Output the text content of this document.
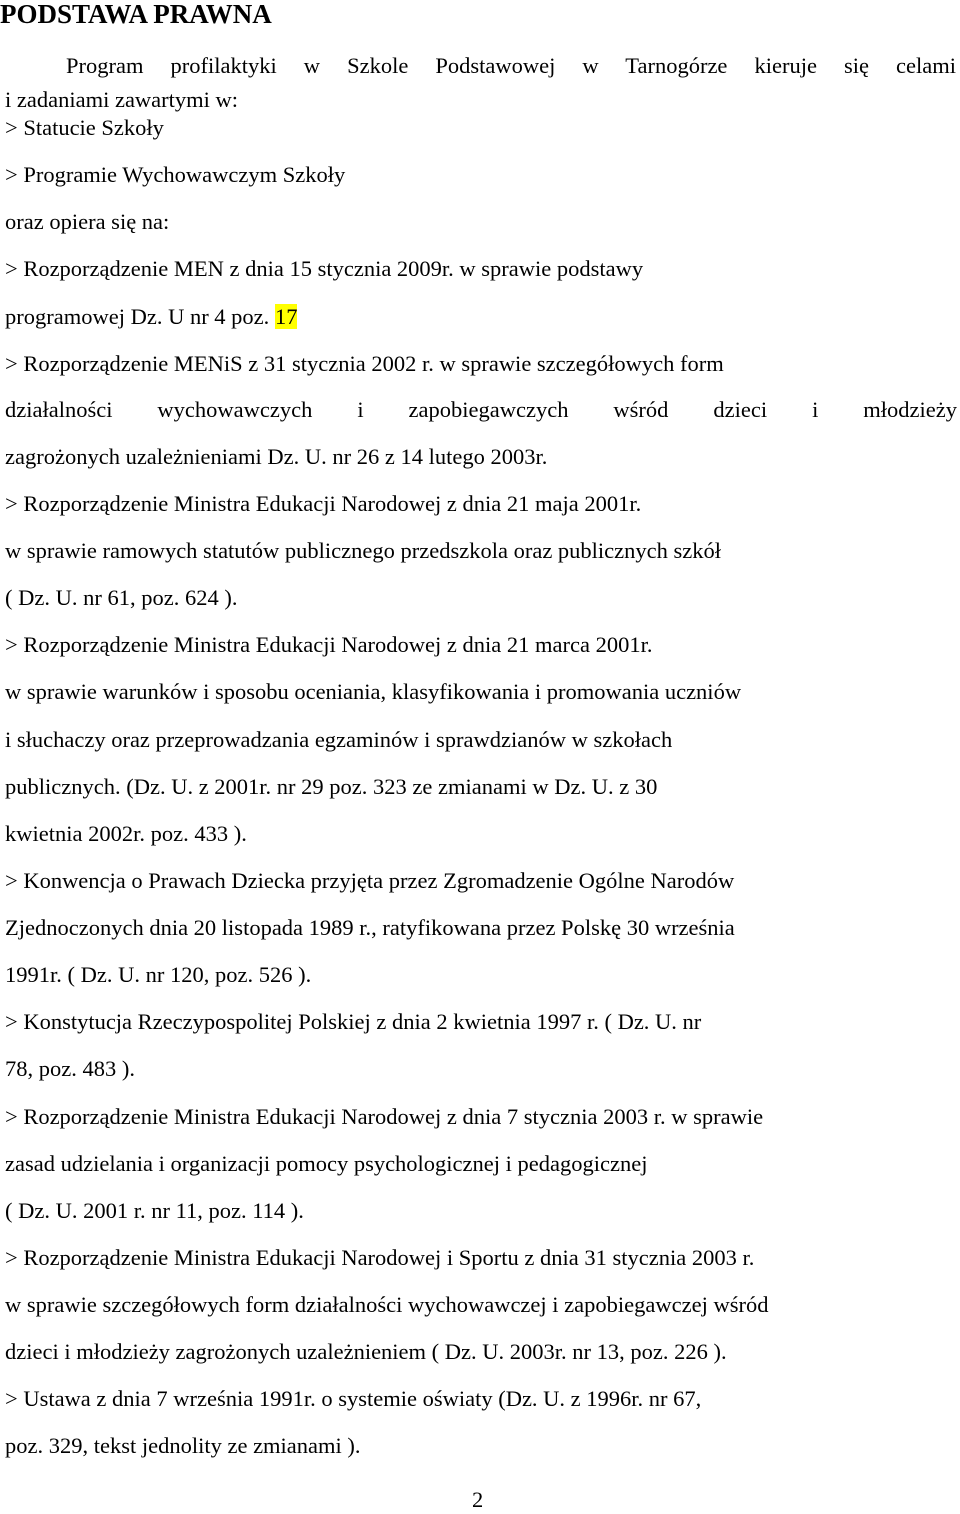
PODSTAWA PRAWNA
Program profilaktyki w Szkole Podstawowej w Tarnogórze kieruje się celami
i zadaniami zawartymi w:
> Statucie Szkoły
> Programie Wychowawczym Szkoły
oraz opiera się na:
> Rozporządzenie MEN z dnia 15 stycznia 2009r. w sprawie podstawy
programowej Dz. U nr 4 poz. 17
> Rozporządzenie MENiS z 31 stycznia 2002 r. w sprawie szczegółowych form
działalności wychowawczych i zapobiegawczych wśród dzieci i młodzieży
zagrożonych uzależnieniami Dz. U. nr 26 z 14 lutego 2003r.
> Rozporządzenie Ministra Edukacji Narodowej z dnia 21 maja 2001r.
w sprawie ramowych statutów publicznego przedszkola oraz publicznych szkół
( Dz. U. nr 61, poz. 624 ).
> Rozporządzenie Ministra Edukacji Narodowej z dnia 21 marca 2001r.
w sprawie warunków i sposobu oceniania, klasyfikowania i promowania uczniów
i słuchaczy oraz przeprowadzania egzaminów i sprawdzianów w szkołach
publicznych. (Dz. U. z 2001r. nr 29 poz. 323 ze zmianami w Dz. U. z 30
kwietnia 2002r. poz. 433 ).
> Konwencja o Prawach Dziecka przyjęta przez Zgromadzenie Ogólne Narodów
Zjednoczonych dnia 20 listopada 1989 r., ratyfikowana przez Polskę 30 września
1991r. ( Dz. U. nr 120, poz. 526 ).
> Konstytucja Rzeczypospolitej Polskiej z dnia 2 kwietnia 1997 r. ( Dz. U. nr
78, poz. 483 ).
> Rozporządzenie Ministra Edukacji Narodowej z dnia 7 stycznia 2003 r. w sprawie
zasad udzielania i organizacji pomocy psychologicznej i pedagogicznej
( Dz. U. 2001 r. nr 11, poz. 114 ).
> Rozporządzenie Ministra Edukacji Narodowej i Sportu z dnia 31 stycznia 2003 r.
w sprawie szczegółowych form działalności wychowawczej i zapobiegawczej wśród
dzieci i młodzieży zagrożonych uzależnieniem ( Dz. U. 2003r. nr 13, poz. 226 ).
> Ustawa z dnia 7 września 1991r. o systemie oświaty (Dz. U. z 1996r. nr 67,
poz. 329, tekst jednolity ze zmianami ).
2
